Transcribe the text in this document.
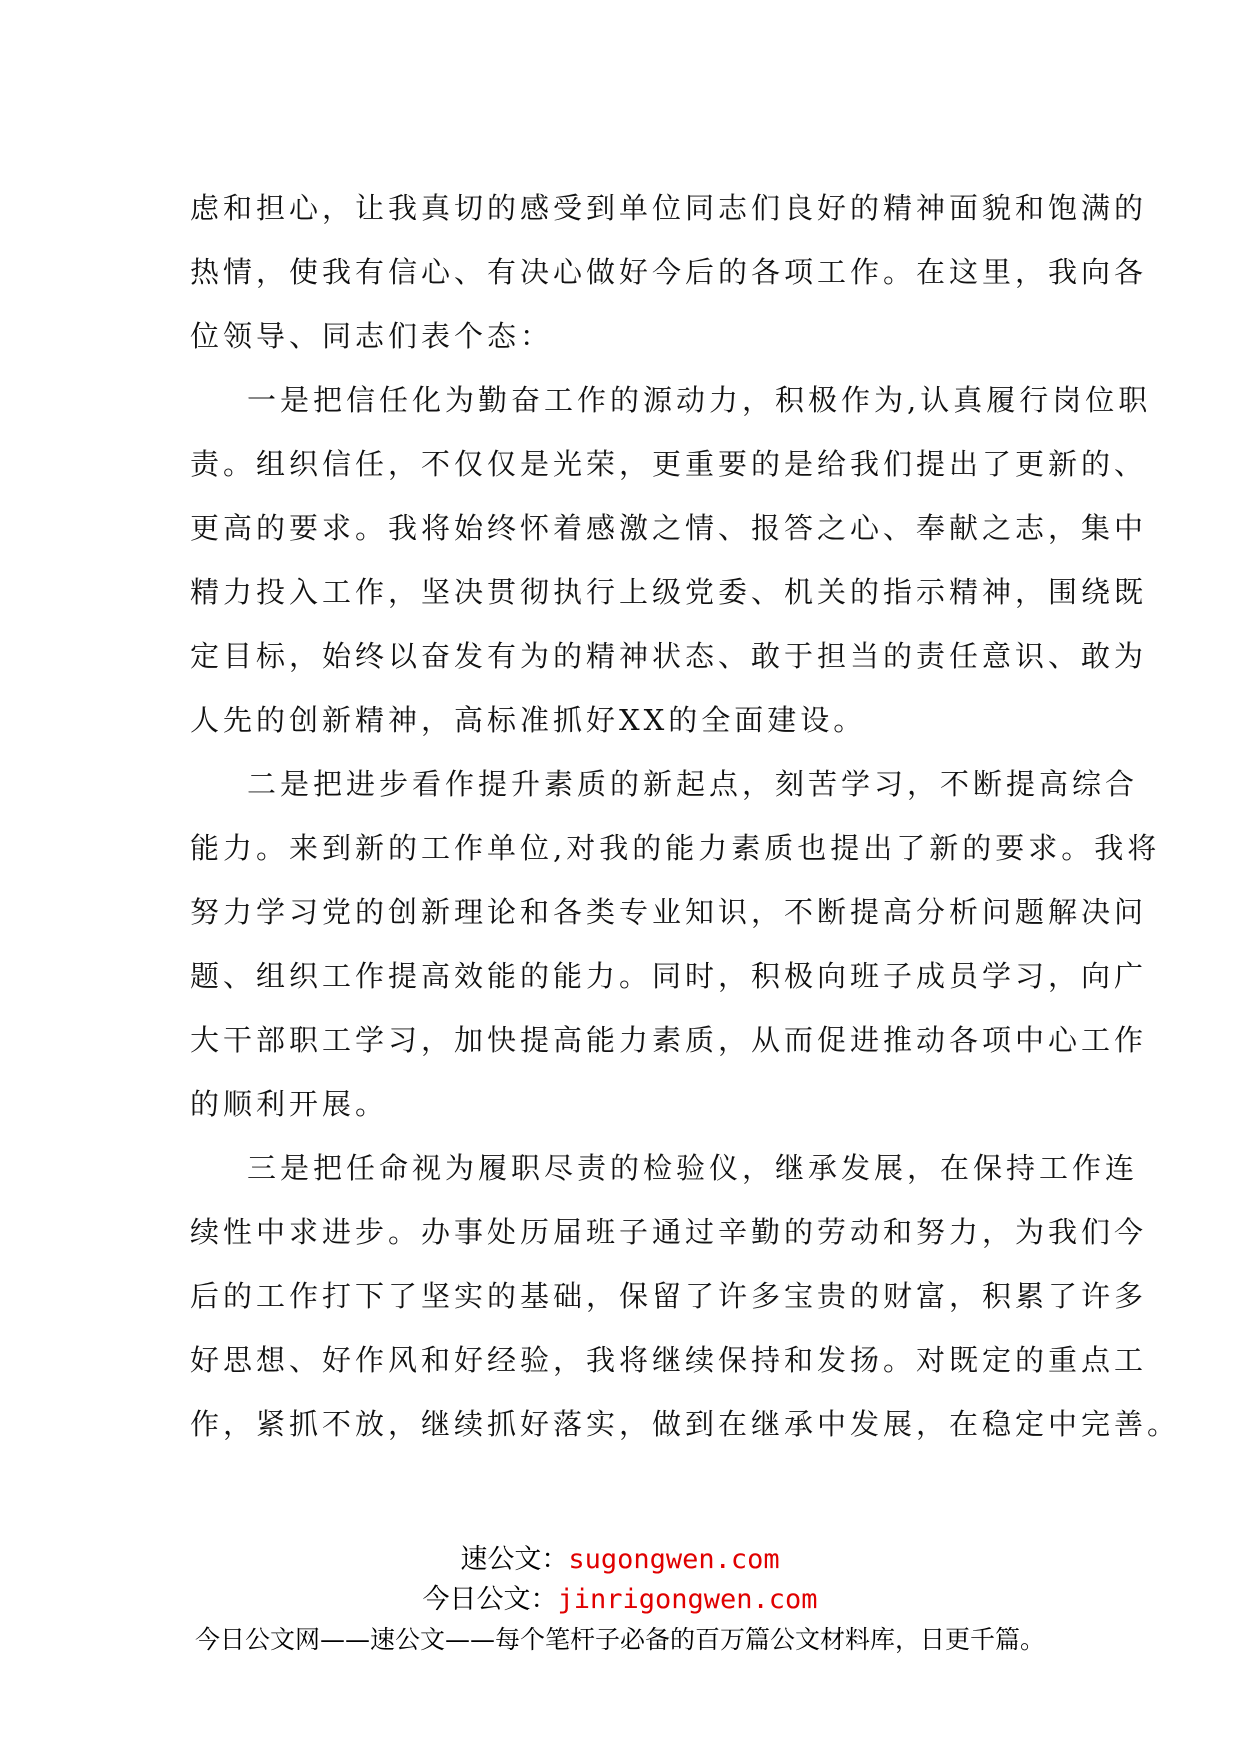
虑和担心，让我真切的感受到单位同志们良好的精神面貌和饱满的
热情，使我有信心、有决心做好今后的各项工作。在这里，我向各
位领导、同志们表个态：
一是把信任化为勤奋工作的源动力，积极作为,认真履行岗位职
责。组织信任，不仅仅是光荣，更重要的是给我们提出了更新的、
更高的要求。我将始终怀着感激之情、报答之心、奉献之志，集中
精力投入工作，坚决贯彻执行上级党委、机关的指示精神，围绕既
定目标，始终以奋发有为的精神状态、敢于担当的责任意识、敢为
人先的创新精神，高标准抓好XX的全面建设。
二是把进步看作提升素质的新起点，刻苦学习，不断提高综合
能力。来到新的工作单位,对我的能力素质也提出了新的要求。我将
努力学习党的创新理论和各类专业知识，不断提高分析问题解决问
题、组织工作提高效能的能力。同时，积极向班子成员学习，向广
大干部职工学习，加快提高能力素质，从而促进推动各项中心工作
的顺利开展。
三是把任命视为履职尽责的检验仪，继承发展，在保持工作连
续性中求进步。办事处历届班子通过辛勤的劳动和努力，为我们今
后的工作打下了坚实的基础，保留了许多宝贵的财富，积累了许多
好思想、好作风和好经验，我将继续保持和发扬。对既定的重点工
作，紧抓不放，继续抓好落实，做到在继承中发展，在稳定中完善。
速公文：sugongwen.com
今日公文：jinrigongwen.com
今日公文网——速公文——每个笔杆子必备的百万篇公文材料库，日更千篇。
